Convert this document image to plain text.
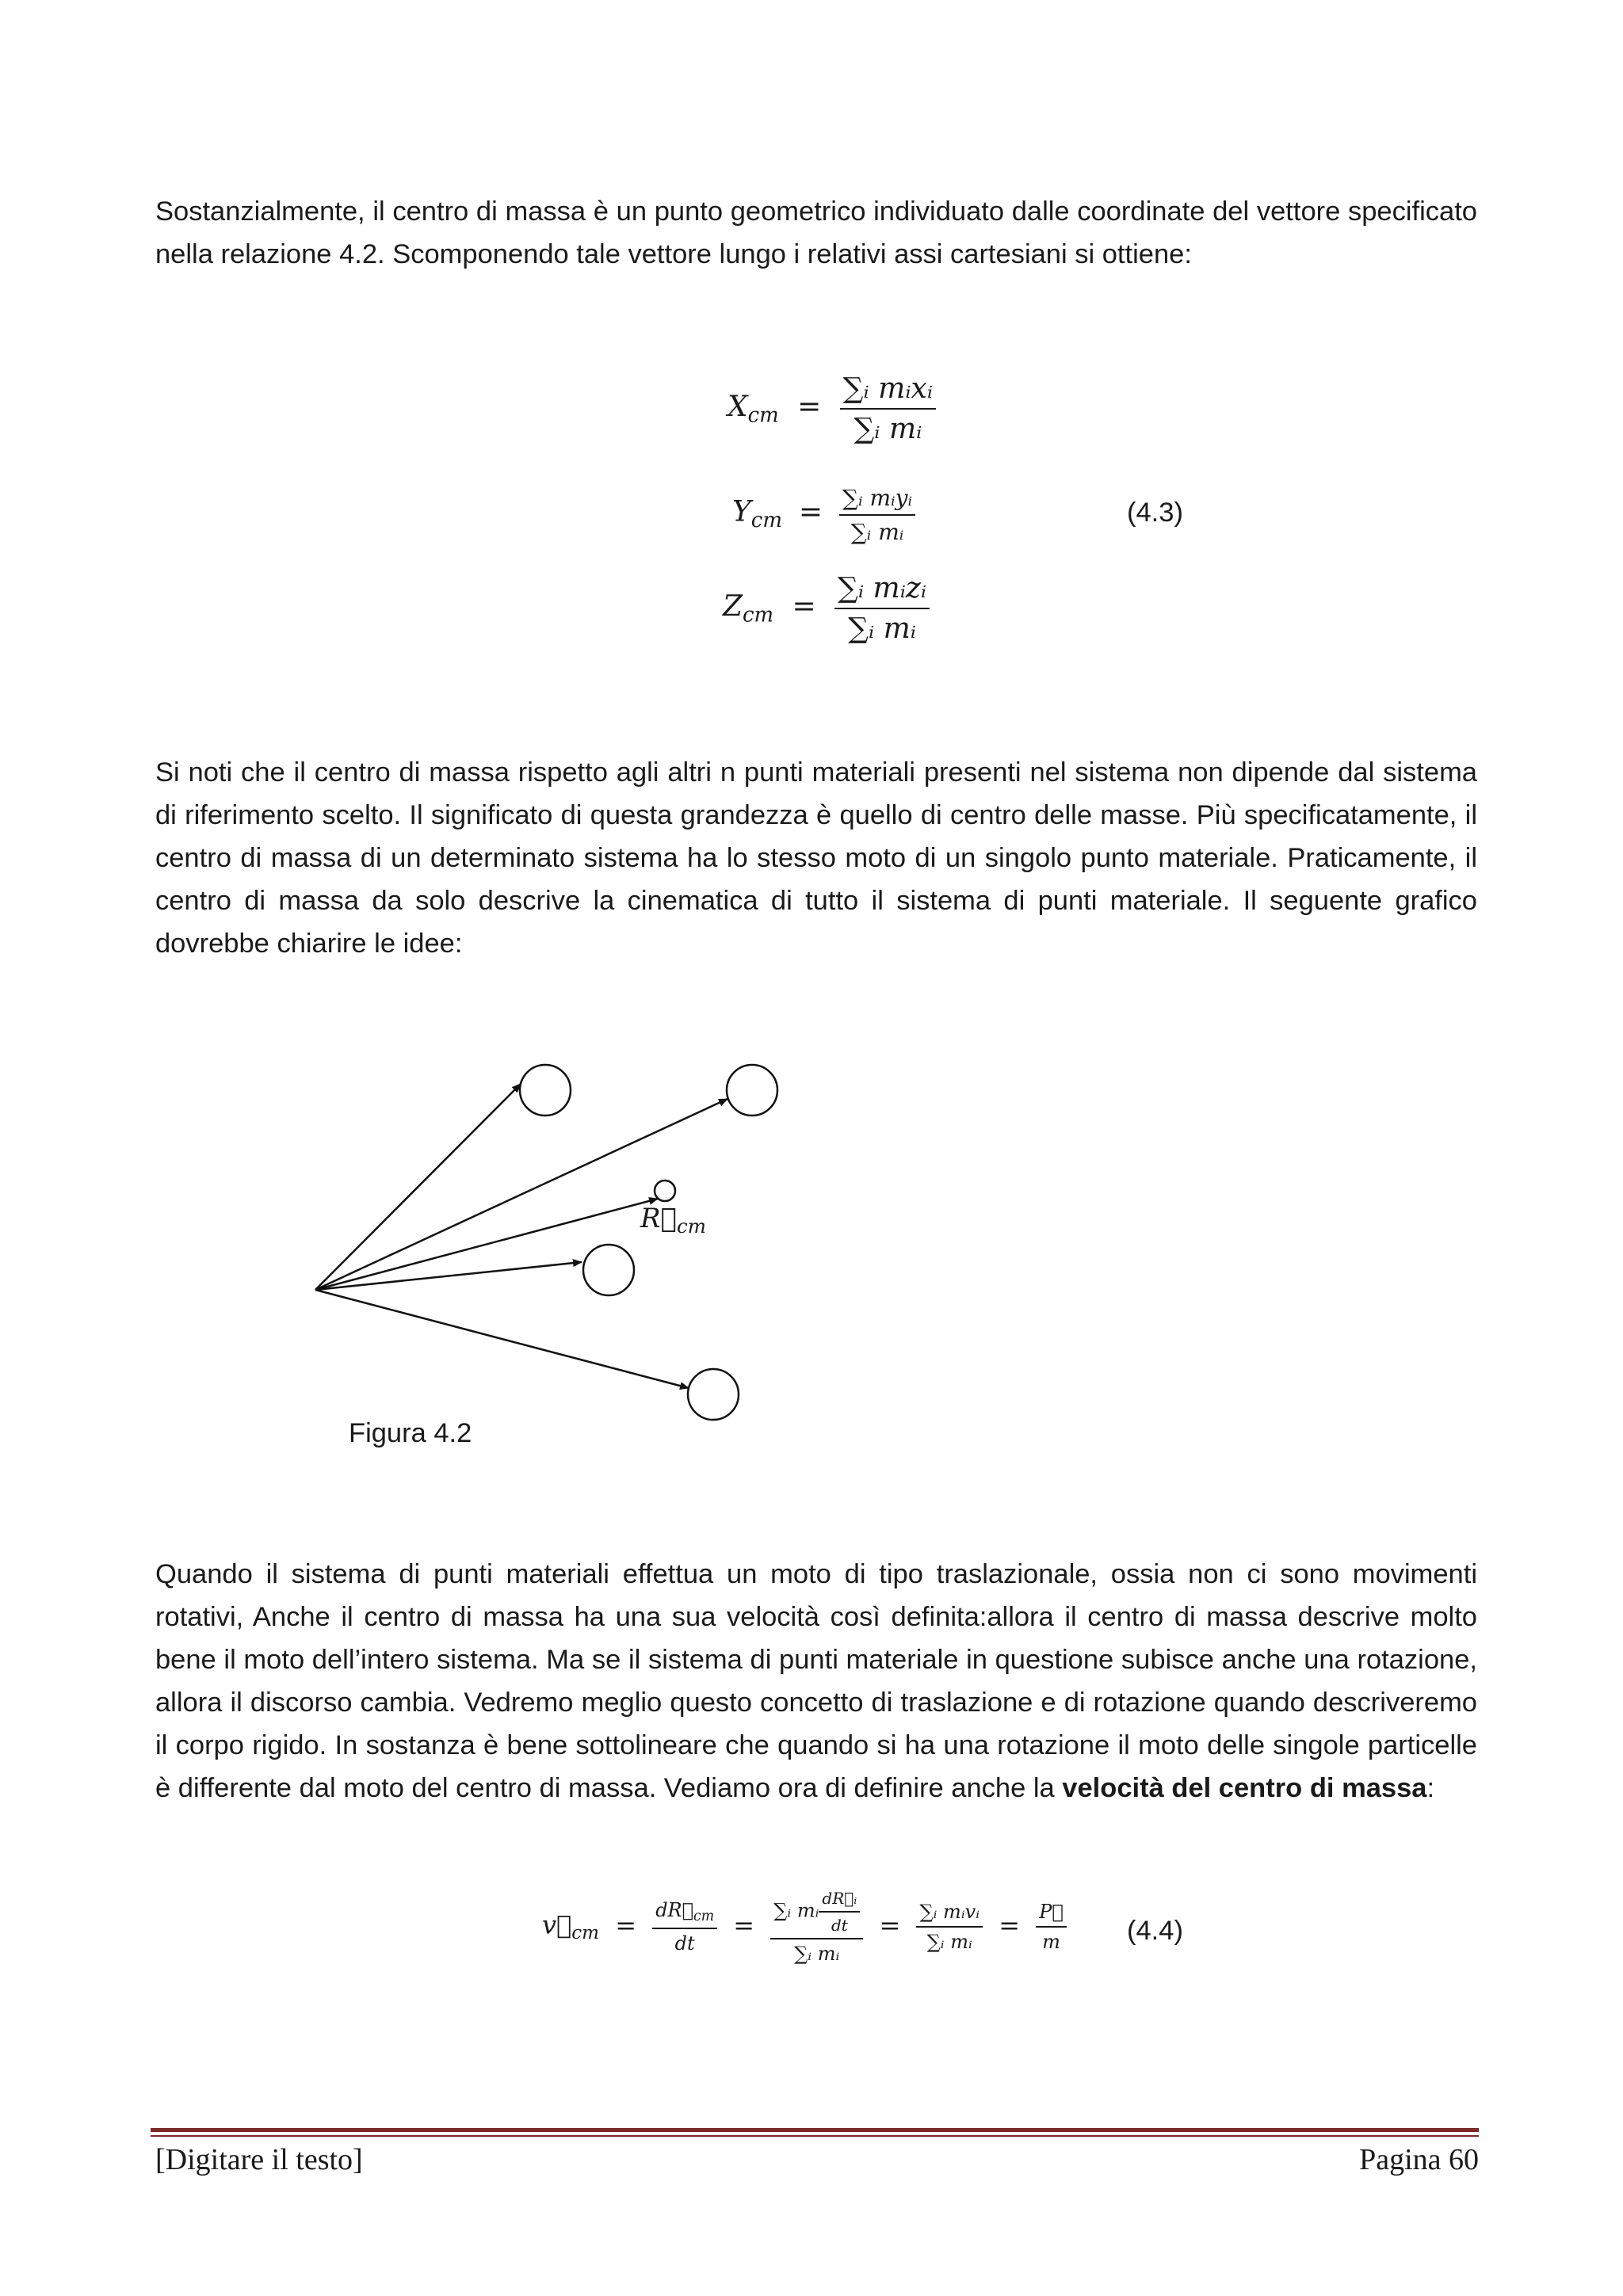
Sostanzialmente, il centro di massa è un punto geometrico individuato dalle coordinate del vettore specificato nella relazione 4.2. Scomponendo tale vettore lungo i relativi assi cartesiani si ottiene:

$X_{cm} = \frac{\text{∑ᵢ mᵢxᵢ}}{\text{∑ᵢ mᵢ}}$
$Y_{cm} = \frac{\text{∑ᵢ mᵢyᵢ}}{\text{∑ᵢ mᵢ}}$	(4.3)
$Z_{cm} = \frac{\text{∑ᵢ mᵢzᵢ}}{\text{∑ᵢ mᵢ}}$

Si noti che il centro di massa rispetto agli altri n punti materiali presenti nel sistema non dipende dal sistema di riferimento scelto. Il significato di questa grandezza è quello di centro delle masse. Più specificatamente, il centro di massa di un determinato sistema ha lo stesso moto di un singolo punto materiale. Praticamente, il centro di massa da solo descrive la cinematica di tutto il sistema di punti materiale. Il seguente grafico dovrebbe chiarire le idee:

$R⃗_{cm}$
Figura 4.2

Quando il sistema di punti materiali effettua un moto di tipo traslazionale, ossia non ci sono movimenti rotativi, Anche il centro di massa ha una sua velocità così definita:allora il centro di massa descrive molto bene il moto dell’intero sistema. Ma se il sistema di punti materiale in questione subisce anche una rotazione, allora il discorso cambia. Vedremo meglio questo concetto di traslazione e di rotazione quando descriveremo il corpo rigido. In sostanza è bene sottolineare che quando si ha una rotazione il moto delle singole particelle è differente dal moto del centro di massa. Vediamo ora di definire anche la velocità del centro di massa:

$v⃗_{cm} = \frac{dR⃗_{cm}}{dt} = \frac{\sum ᵢ mᵢ \frac{\text{dR⃗ᵢ}}{dt}}{\text{∑ᵢ mᵢ}} = \frac{\text{∑ᵢ mᵢvᵢ}}{\text{∑ᵢ mᵢ}} = \frac{P⃗}{m} (4.4)$
[Digitare il testo]	Pagina 60
